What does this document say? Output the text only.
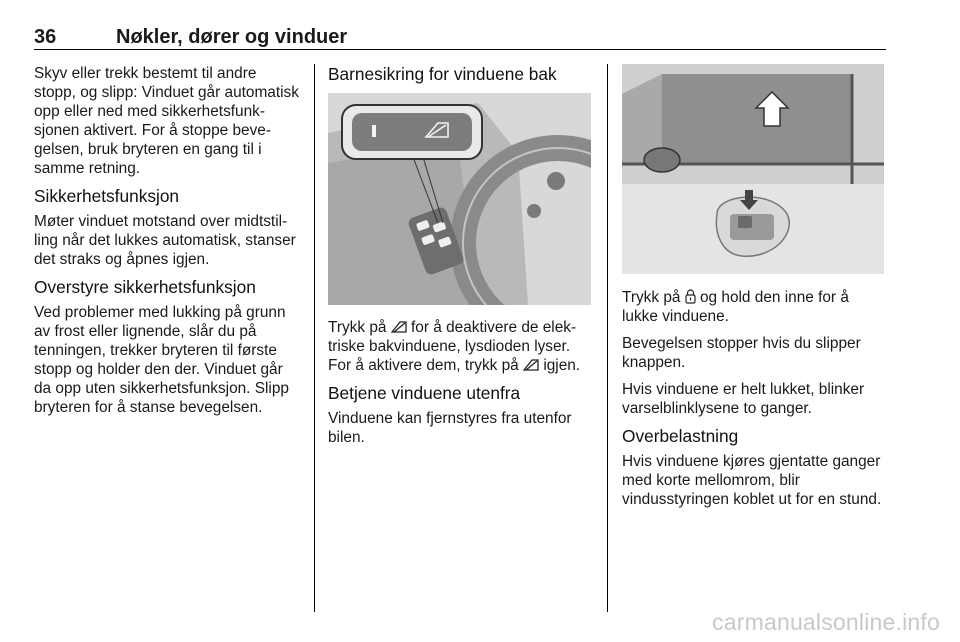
36	Nøkler, dører og vinduer

Skyv eller trekk bestemt til andre stopp, og slipp: Vinduet går automatisk opp eller ned med sikkerhetsfunksjonen aktivert. For å stoppe bevegelsen, bruk bryteren en gang til i samme retning.

Sikkerhetsfunksjon

Møter vinduet motstand over midtstilling når det lukkes automatisk, stanser det straks og åpnes igjen.

Overstyre sikkerhetsfunksjon

Ved problemer med lukking på grunn av frost eller lignende, slår du på tenningen, trekker bryteren til første stopp og holder den der. Vinduet går da opp uten sikkerhetsfunksjon. Slipp bryteren for å stanse bevegelsen.

Barnesikring for vinduene bak

Trykk på for å deaktivere de elektriske bakvinduene, lysdioden lyser. For å aktivere dem, trykk på igjen.

Betjene vinduene utenfra

Vinduene kan fjernstyres fra utenfor bilen.

Trykk på og hold den inne for å lukke vinduene.

Bevegelsen stopper hvis du slipper knappen.

Hvis vinduene er helt lukket, blinker varselblinklysene to ganger.

Overbelastning

Hvis vinduene kjøres gjentatte ganger med korte mellomrom, blir vindusstyringen koblet ut for en stund.

carmanualsonline.info
